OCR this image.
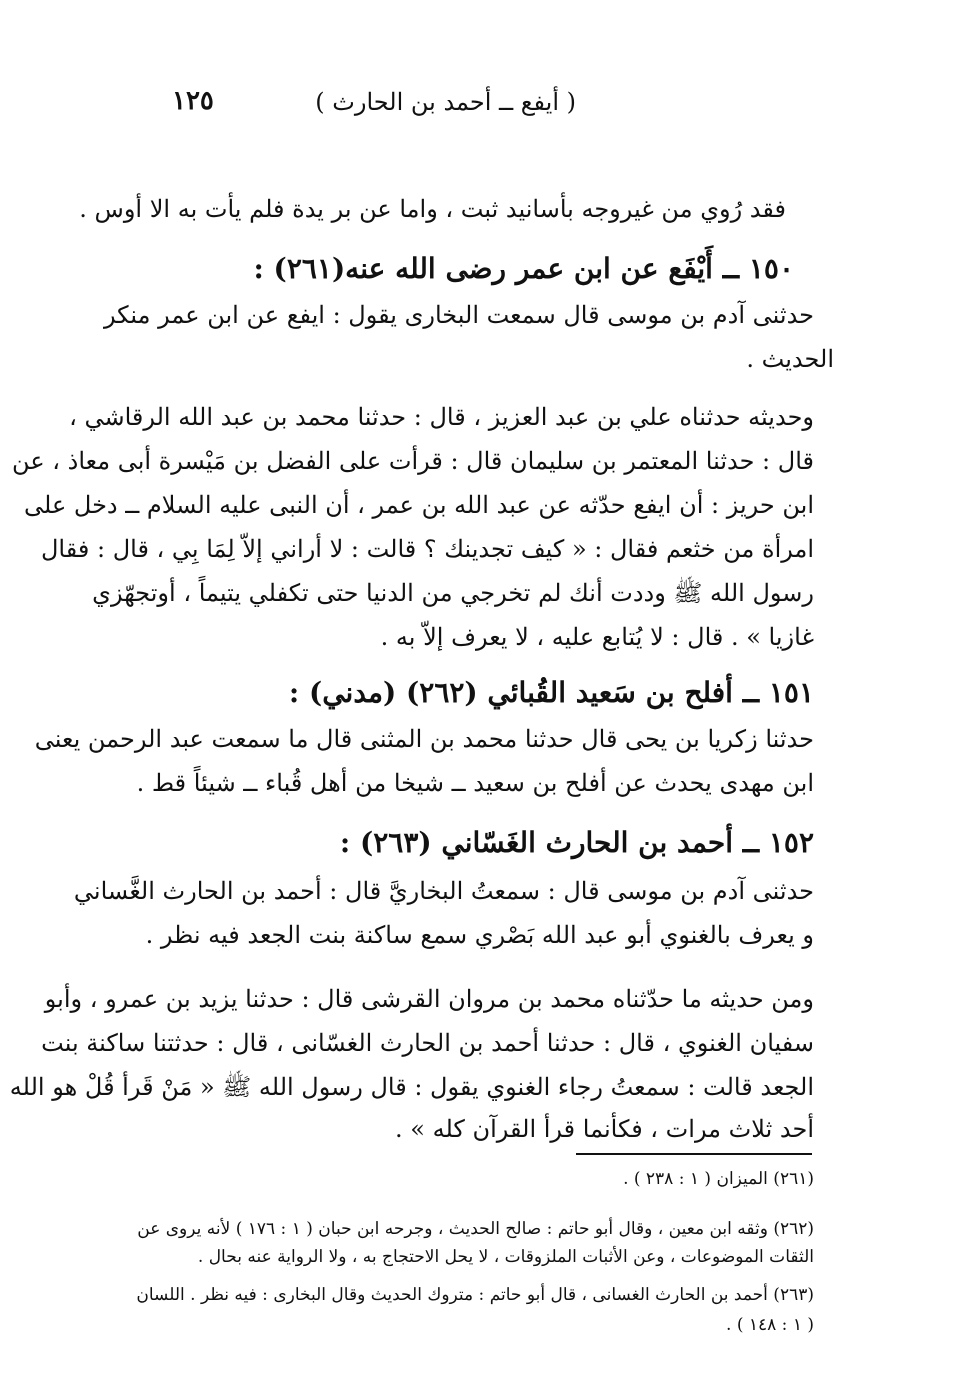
١٢٥	( أيفع ــ أحمد بن الحارث )
فقد رُوي من غيروجه بأسانيد ثبت ، واما عن بر يدة فلم يأت به الا أوس .
١٥٠ ــ أَيْفَع عن ابن عمر رضى الله عنه(٢٦١) :
حدثنى آدم بن موسى قال سمعت البخارى يقول : ايفع عن ابن عمر منكر
الحديث .
وحديثه حدثناه علي بن عبد العزيز ، قال : حدثنا محمد بن عبد الله الرقاشي ،
قال : حدثنا المعتمر بن سليمان قال : قرأت على الفضل بن مَيْسرة أبى معاذ ، عن
ابن حريز : أن ايفع حدّثه عن عبد الله بن عمر ، أن النبى عليه السلام ــ دخل على
امرأة من خثعم فقال : « كيف تجدينك ؟ قالت : لا أراني إلاّ لِمَا بِي ، قال : فقال
رسول الله ﷺ وددت أنك لم تخرجي من الدنيا حتى تكفلي يتيماً ، أوتجهّزي
غازيا » . قال : لا يُتابع عليه ، لا يعرف إلاّ به .
١٥١ ــ أفلح بن سَعيد القُبائي (٢٦٢) (مدني) :
حدثنا زكريا بن يحى قال حدثنا محمد بن المثنى قال ما سمعت عبد الرحمن يعنى
ابن مهدى يحدث عن أفلح بن سعيد ــ شيخا من أهل قُباء ــ شيئاً قط .
١٥٢ ــ أحمد بن الحارث الغَسّاني (٢٦٣) :
حدثنى آدم بن موسى قال : سمعتُ البخاريَّ قال : أحمد بن الحارث الغَّساني
و يعرف بالغنوي أبو عبد الله بَصْري سمع ساكنة بنت الجعد فيه نظر .
ومن حديثه ما حدّثناه محمد بن مروان القرشى قال : حدثنا يزيد بن عمرو ، وأبو
سفيان الغنوي ، قال : حدثنا أحمد بن الحارث الغسّانى ، قال : حدثتنا ساكنة بنت
الجعد قالت : سمعتُ رجاء الغنوي يقول : قال رسول الله ﷺ « مَنْ قَرأ قُلْ هو الله
أحد ثلاث مرات ، فكأنما قرأ القرآن كله » .
(٢٦١) الميزان ( ١ : ٢٣٨ ) .
(٢٦٢) وثقه ابن معين ، وقال أبو حاتم : صالح الحديث ، وجرحه ابن حبان ( ١ : ١٧٦ ) لأنه يروى عن
الثقات الموضوعات ، وعن الأثبات الملزوقات ، لا يحل الاحتجاج به ، ولا الرواية عنه بحال .
(٢٦٣) أحمد بن الحارث الغسانى ، قال أبو حاتم : متروك الحديث وقال البخارى : فيه نظر . اللسان
( ١ : ١٤٨ ) .
